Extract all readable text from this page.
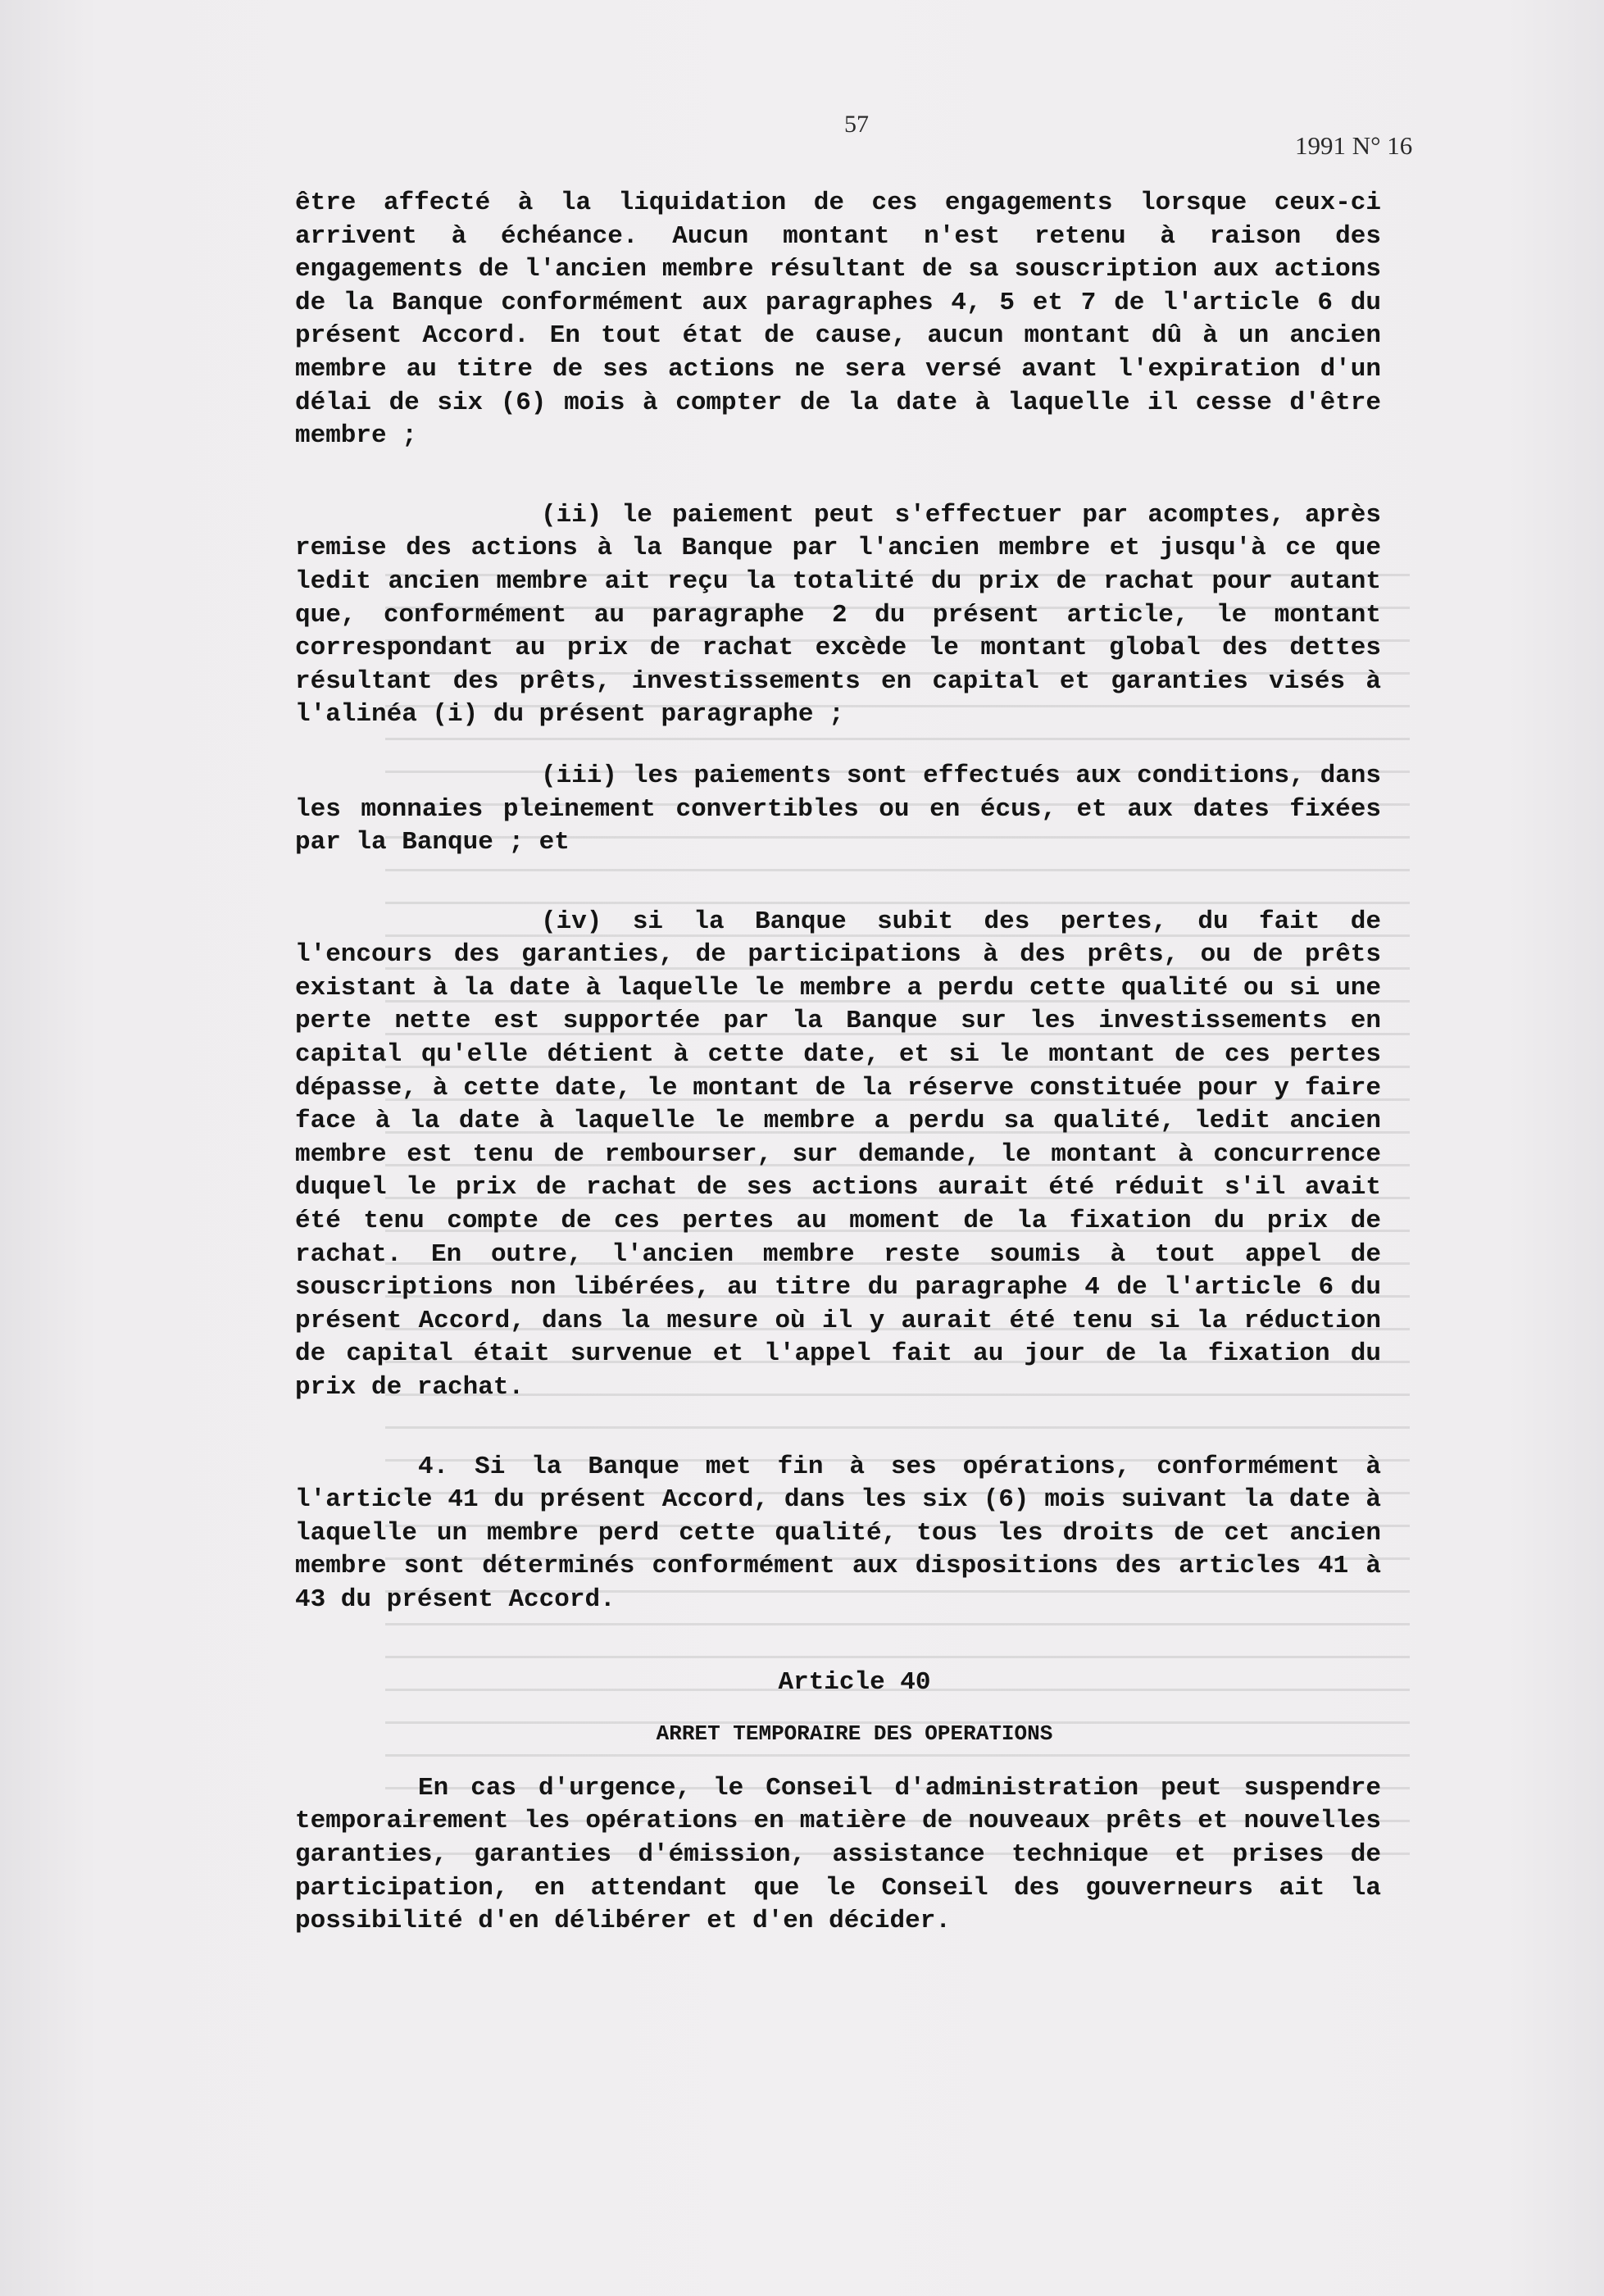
57
1991 N° 16

être affecté à la liquidation de ces engagements lorsque ceux-ci arrivent à échéance. Aucun montant n'est retenu à raison des engagements de l'ancien membre résultant de sa souscription aux actions de la Banque conformément aux paragraphes 4, 5 et 7 de l'article 6 du présent Accord. En tout état de cause, aucun montant dû à un ancien membre au titre de ses actions ne sera versé avant l'expiration d'un délai de six (6) mois à compter de la date à laquelle il cesse d'être membre ;

(ii) le paiement peut s'effectuer par acomptes, après remise des actions à la Banque par l'ancien membre et jusqu'à ce que ledit ancien membre ait reçu la totalité du prix de rachat pour autant que, conformément au paragraphe 2 du présent article, le montant correspondant au prix de rachat excède le montant global des dettes résultant des prêts, investissements en capital et garanties visés à l'alinéa (i) du présent paragraphe ;

(iii) les paiements sont effectués aux conditions, dans les monnaies pleinement convertibles ou en écus, et aux dates fixées par la Banque ; et

(iv) si la Banque subit des pertes, du fait de l'encours des garanties, de participations à des prêts, ou de prêts existant à la date à laquelle le membre a perdu cette qualité ou si une perte nette est supportée par la Banque sur les investissements en capital qu'elle détient à cette date, et si le montant de ces pertes dépasse, à cette date, le montant de la réserve constituée pour y faire face à la date à laquelle le membre a perdu sa qualité, ledit ancien membre est tenu de rembourser, sur demande, le montant à concurrence duquel le prix de rachat de ses actions aurait été réduit s'il avait été tenu compte de ces pertes au moment de la fixation du prix de rachat. En outre, l'ancien membre reste soumis à tout appel de souscriptions non libérées, au titre du paragraphe 4 de l'article 6 du présent Accord, dans la mesure où il y aurait été tenu si la réduction de capital était survenue et l'appel fait au jour de la fixation du prix de rachat.

4. Si la Banque met fin à ses opérations, conformément à l'article 41 du présent Accord, dans les six (6) mois suivant la date à laquelle un membre perd cette qualité, tous les droits de cet ancien membre sont déterminés conformément aux dispositions des articles 41 à 43 du présent Accord.

Article 40

ARRET TEMPORAIRE DES OPERATIONS

En cas d'urgence, le Conseil d'administration peut suspendre temporairement les opérations en matière de nouveaux prêts et nouvelles garanties, garanties d'émission, assistance technique et prises de participation, en attendant que le Conseil des gouverneurs ait la possibilité d'en délibérer et d'en décider.
